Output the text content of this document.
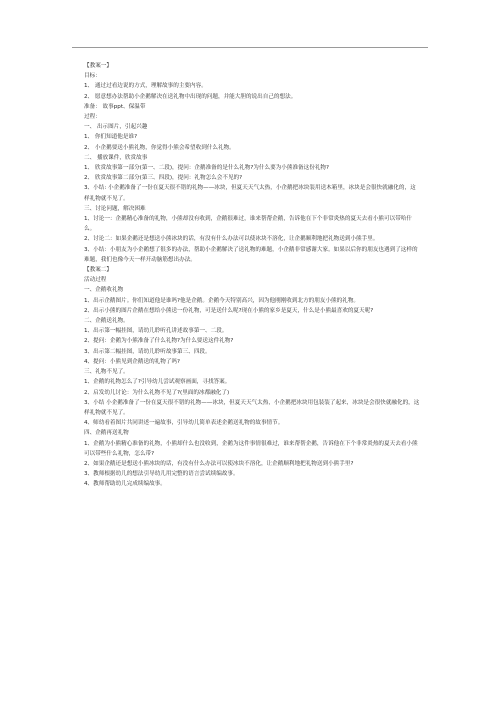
【教案一】
目标：
1、 通过过看边说的方式，理解故事的主要内容。
2、 愿意想办法帮助小企鹅解决在送礼物中出现的问题，并能大胆的说出自己的想法。
准备： 故事ppt、保温带
过程：
一、 出示图片，引起兴趣
1、 你们知道他是谁?
2、 小企鹅要送小熊礼物，你觉得小熊会希望收到什么礼物。
二、 播放课件，欣赏故事
1、 欣赏故事第一部分(第一、二段)，提问：企鹅准备的是什么礼物?为什么要为小熊准备这份礼物?
2、 欣赏故事第二部分(第三、四段)，提问：礼物怎么会不见的?
3、小结: 小企鹅准备了一份在夏天很不错的礼物——冰块，但夏天天气太热，小企鹅把冰块装用送木箱里，冰块是会很快就融化的，这样礼物就不见了。
三、讨论问题，解决困难
1、讨论一：企鹅精心准备的礼物，小熊却没有收到，企鹅很难过，谁来帮帮企鹅，告诉他在下个非常炎热的夏天去看小熊可以带哈什么。
2、讨论二：如果企鹅还是想送小熊冰块的话，有没有什么办法可以使冰块不溶化，让企鹅顺利地把礼物送到小熊手里。
3、小结：小朋友为小企鹅想了很多的办法，帮助小企鹅解决了送礼物的难题，小企鹅非常感谢大家。如果以后你的朋友也遇到了这样的难题，我们也像今天一样开动脑筋想出办法。
【教案二】
活动过程
一、企鹅收礼物
1、出示企鹅图片。你们知道他是谁吗?他是企鹅。企鹅今天特别高兴，因为他刚刚收到北方的朋友小熊的礼物。
2、出示小熊的图片企鹅在想给小熊送一份礼物，可是送什么呢?现在小熊的家乡是夏天，什么是小熊最喜欢的夏天呢?
二、企鹅送礼物。
1、出示第一幅挂图，请幼儿聆听孔讲述故事第一、二段。
2、提问：企鹅为小熊准备了什么礼物?为什么要送这件礼物?
3、出示第二幅挂图，请幼儿聆听故事第三、四段。
4、提问：小熊见到企鹅送的礼物了吗?
三、礼物不见了。
1、企鹅的礼物怎么了?引导幼儿尝试观察画面，寻找答案。
2、启发幼儿讨论：为什么礼物不见了?(里面的冰都融化了)
3、小结 小企鹅准备了一份在夏天很不错的礼物——冰块，但夏天天气太热，小企鹅把冰块用包装装了起来，冰块是会很快就融化的，这样礼物就不见了。
4、师幼看着图片共同讲述一遍故事，引导幼儿简单表述企鹅送礼物的故事情节。
四、企鹅再送礼物
1、企鹅为小熊精心准备的礼物，小熊却什么也没收到，企鹅为这件事情很难过，谁来帮帮企鹅，告诉他在下个非常炎热的夏天去看小熊可以带些什么礼物，怎么带?
2、如果企鹅还是想送小熊冰块的话，有没有什么办法可以使冰块不溶化，让企鹅顺利地把礼物送到小熊手里?
3、教师根据幼儿的想法引导幼儿用完整的语言尝试续编故事。
4、教师帮助幼儿完成续编故事。
